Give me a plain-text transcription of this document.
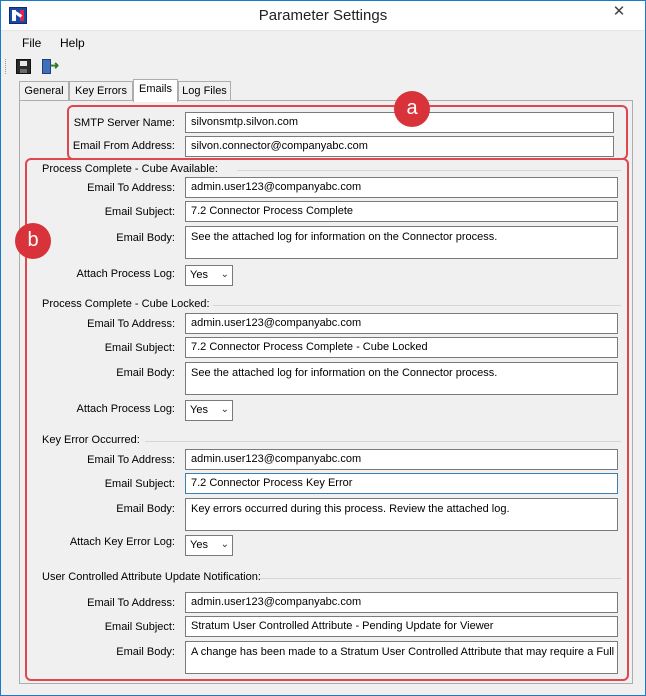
Parameter Settings	✕
File Help
➜
General	Key Errors	Emails Log Files
SMTP Server Name:	silvonsmtp.silvon.com
Email From Address:	silvon.connector@companyabc.com
Process Complete - Cube Available:
Email To Address:	admin.user123@companyabc.com
Email Subject:	7.2 Connector Process Complete
Email Body:	See the attached log for information on the Connector process.
Attach Process Log:	Yes ⌄
Process Complete - Cube Locked:
Email To Address:	admin.user123@companyabc.com
Email Subject:	7.2 Connector Process Complete - Cube Locked
Email Body:	See the attached log for information on the Connector process.
Attach Process Log:	Yes ⌄
Key Error Occurred:
Email To Address:	admin.user123@companyabc.com
Email Subject:	7.2 Connector Process Key Error
Email Body:	Key errors occurred during this process. Review the attached log.
Attach Key Error Log:	Yes ⌄
User Controlled Attribute Update Notification:
Email To Address:	admin.user123@companyabc.com
Email Subject:	Stratum User Controlled Attribute - Pending Update for Viewer
Email Body:	A change has been made to a Stratum User Controlled Attribute that may require a Full
a
b
